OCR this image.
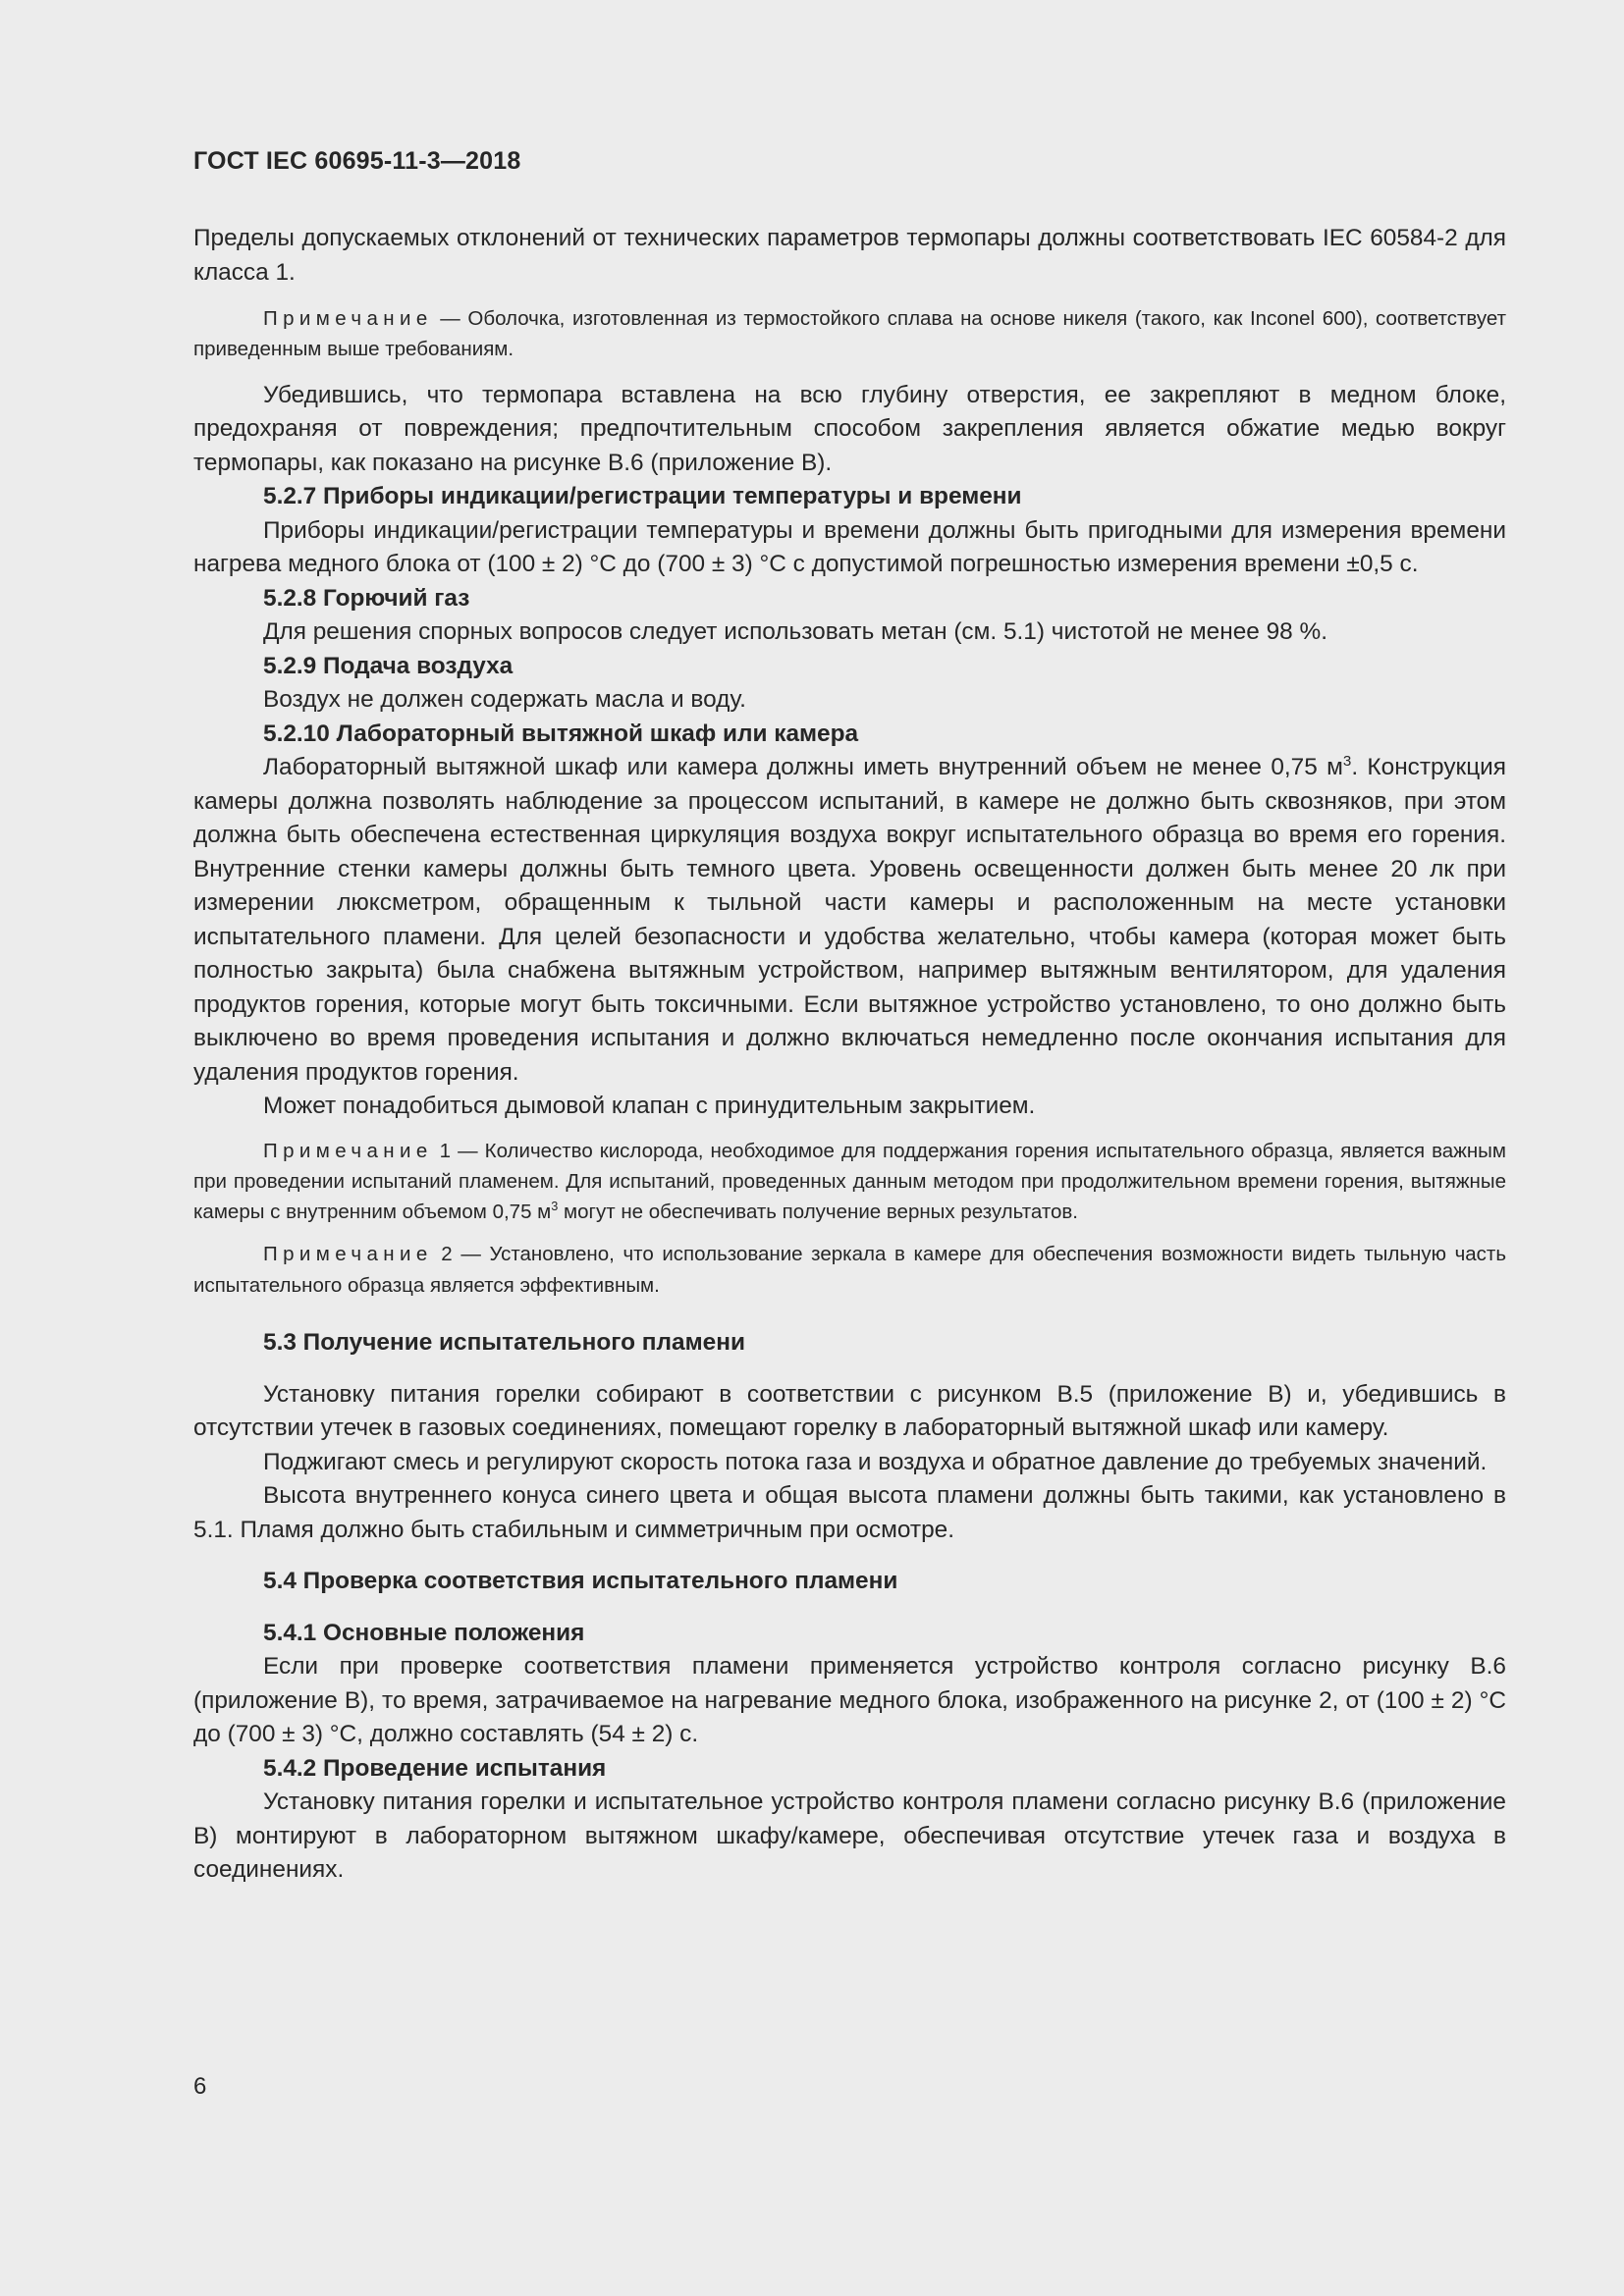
ГОСТ IEC 60695-11-3—2018

Пределы допускаемых отклонений от технических параметров термопары должны соответствовать IEC 60584-2 для класса 1.

Примечание — Оболочка, изготовленная из термостойкого сплава на основе никеля (такого, как Inconel 600), соответствует приведенным выше требованиям.

Убедившись, что термопара вставлена на всю глубину отверстия, ее закрепляют в медном блоке, предохраняя от повреждения; предпочтительным способом закрепления является обжатие медью вокруг термопары, как показано на рисунке В.6 (приложение В).

5.2.7 Приборы индикации/регистрации температуры и времени

Приборы индикации/регистрации температуры и времени должны быть пригодными для измерения времени нагрева медного блока от (100 ± 2) °С до (700 ± 3) °С с допустимой погрешностью измерения времени ±0,5 с.

5.2.8 Горючий газ

Для решения спорных вопросов следует использовать метан (см. 5.1) чистотой не менее 98 %.

5.2.9 Подача воздуха

Воздух не должен содержать масла и воду.

5.2.10 Лабораторный вытяжной шкаф или камера

Лабораторный вытяжной шкаф или камера должны иметь внутренний объем не менее 0,75 $м^3$. Конструкция камеры должна позволять наблюдение за процессом испытаний, в камере не должно быть сквозняков, при этом должна быть обеспечена естественная циркуляция воздуха вокруг испытательного образца во время его горения. Внутренние стенки камеры должны быть темного цвета. Уровень освещенности должен быть менее 20 лк при измерении люксметром, обращенным к тыльной части камеры и расположенным на месте установки испытательного пламени. Для целей безопасности и удобства желательно, чтобы камера (которая может быть полностью закрыта) была снабжена вытяжным устройством, например вытяжным вентилятором, для удаления продуктов горения, которые могут быть токсичными. Если вытяжное устройство установлено, то оно должно быть выключено во время проведения испытания и должно включаться немедленно после окончания испытания для удаления продуктов горения.

Может понадобиться дымовой клапан с принудительным закрытием.

Примечание 1 — Количество кислорода, необходимое для поддержания горения испытательного образца, является важным при проведении испытаний пламенем. Для испытаний, проведенных данным методом при продолжительном времени горения, вытяжные камеры с внутренним объемом 0,75 $м^3$ могут не обеспечивать получение верных результатов.

Примечание 2 — Установлено, что использование зеркала в камере для обеспечения возможности видеть тыльную часть испытательного образца является эффективным.

5.3 Получение испытательного пламени

Установку питания горелки собирают в соответствии с рисунком В.5 (приложение В) и, убедившись в отсутствии утечек в газовых соединениях, помещают горелку в лабораторный вытяжной шкаф или камеру.

Поджигают смесь и регулируют скорость потока газа и воздуха и обратное давление до требуемых значений.

Высота внутреннего конуса синего цвета и общая высота пламени должны быть такими, как установлено в 5.1. Пламя должно быть стабильным и симметричным при осмотре.

5.4 Проверка соответствия испытательного пламени

5.4.1 Основные положения

Если при проверке соответствия пламени применяется устройство контроля согласно рисунку В.6 (приложение В), то время, затрачиваемое на нагревание медного блока, изображенного на рисунке 2, от (100 ± 2) °С до (700 ± 3) °С, должно составлять (54 ± 2) с.

5.4.2 Проведение испытания

Установку питания горелки и испытательное устройство контроля пламени согласно рисунку В.6 (приложение В) монтируют в лабораторном вытяжном шкафу/камере, обеспечивая отсутствие утечек газа и воздуха в соединениях.

6
